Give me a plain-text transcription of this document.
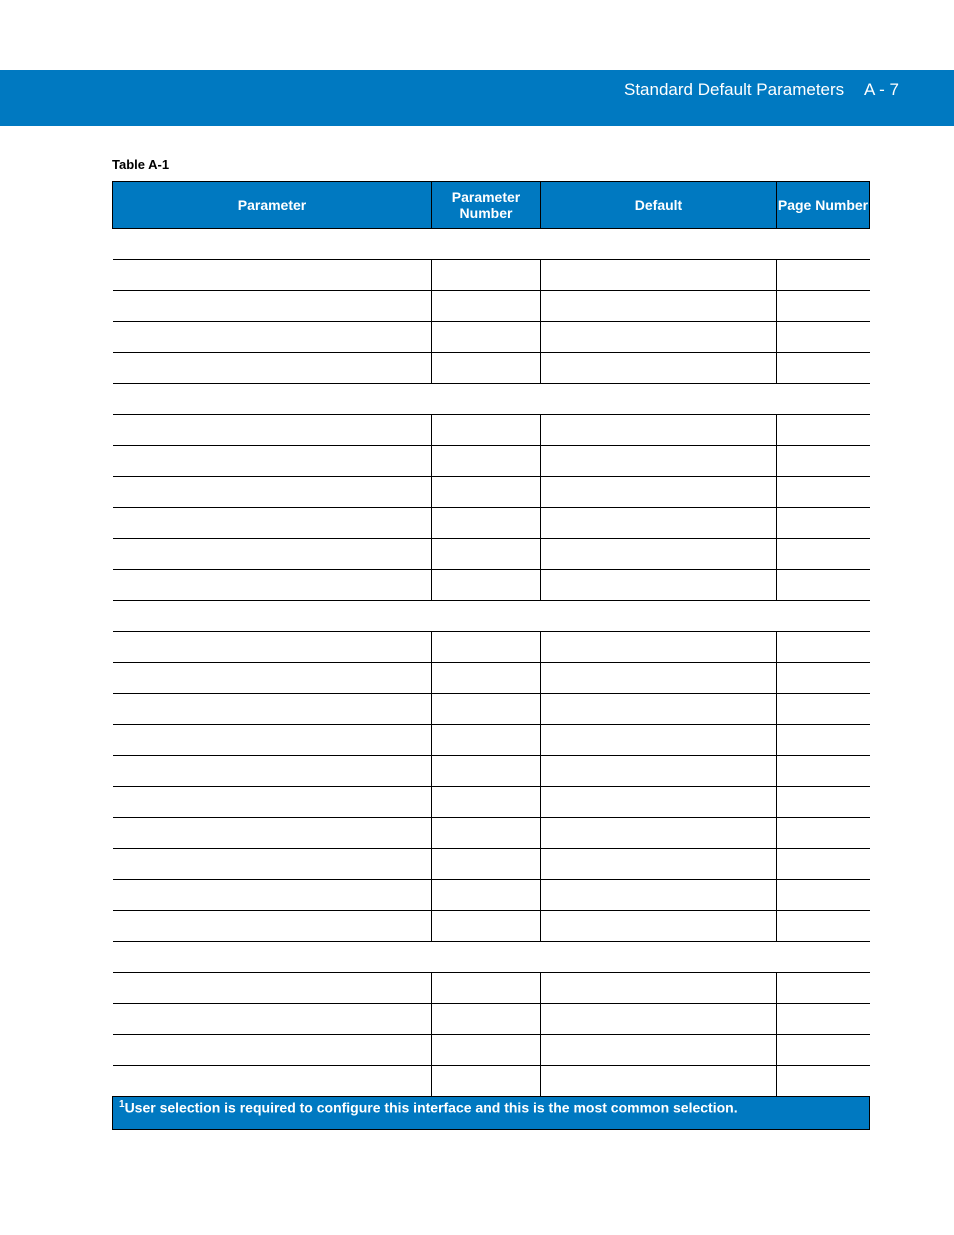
Standard Default Parameters A - 7
Table A-1
Parameter	Parameter Number	Default	Page Number

$^1$User selection is required to configure this interface and this is the most common selection.			
